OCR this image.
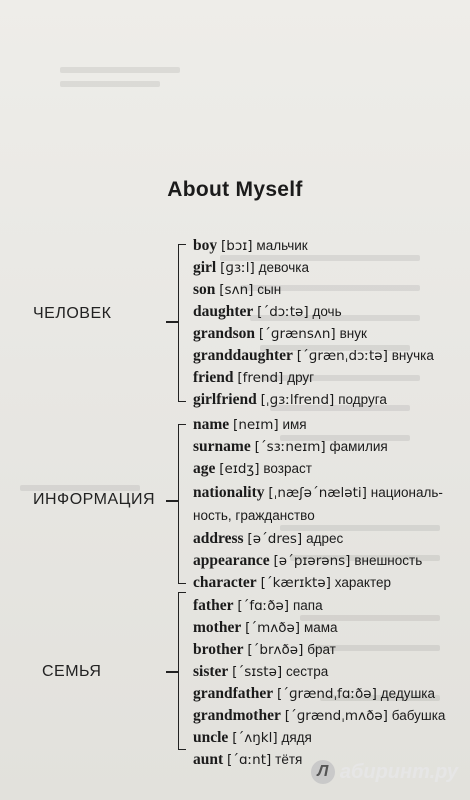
About Myself
ЧЕЛОВЕК
ИНФОРМАЦИЯ
СЕМЬЯ
boy [bɔɪ] мальчик
girl [ɡɜːl] девочка
son [sʌn] сын
daughter [ˊdɔːtə] дочь
grandson [ˊɡrænsʌn] внук
granddaughter [ˊɡrænˌdɔːtə] внучка
friend [frend] друг
girlfriend [ˌɡɜːlfrend] подруга
name [neɪm] имя
surname [ˊsɜːneɪm] фамилия
age [eɪdʒ] возраст
nationality [ˌnæʃəˊnæləti] националь-
ность, гражданство
address [əˊdres] адрес
appearance [əˊpɪərəns] внешность
character [ˊkærɪktə] характер
father [ˊfɑːðə] папа
mother [ˊmʌðə] мама
brother [ˊbrʌðə] брат
sister [ˊsɪstə] сестра
grandfather [ˊɡrændˌfɑːðə] дедушка
grandmother [ˊɡrændˌmʌðə] бабушка
uncle [ˊʌŋkl] дядя
aunt [ˊɑːnt] тётя
Л абиринт.ру
